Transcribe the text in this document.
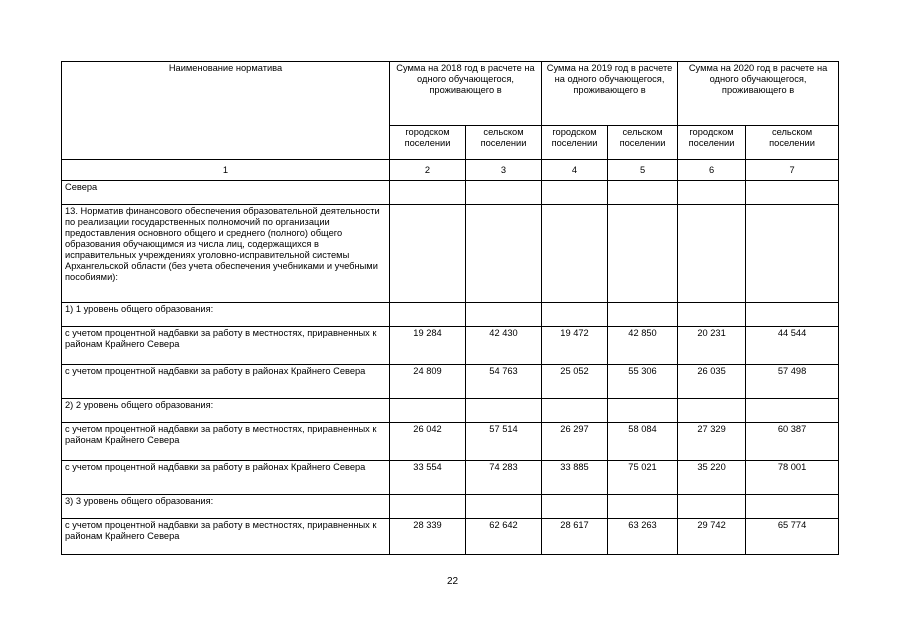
Наименование норматива	Сумма на 2018 год в расчете на одного обучающегося, проживающего в		Сумма на 2019 год в расчете на одного обучающегося, проживающего в		Сумма на 2020 год в расчете на одного обучающегося, проживающего в	
	городском поселении	сельском поселении	городском поселении	сельском поселении	городском поселении	сельском поселении
1	2	3	4	5	6	7
Севера						
13. Норматив финансового обеспечения образовательной деятельности по реализации государственных полномочий по организации предоставления основного общего и среднего (полного) общего образования обучающимся из числа лиц, содержащихся в исправительных учреждениях уголовно-исправительной системы Архангельской области (без учета обеспечения учебниками и учебными пособиями):						
1) 1 уровень общего образования:						
с учетом процентной надбавки за работу в местностях, приравненных к районам Крайнего Севера	19 284	42 430	19 472	42 850	20 231	44 544
с учетом процентной надбавки за работу в районах Крайнего Севера	24 809	54 763	25 052	55 306	26 035	57 498
2) 2 уровень общего образования:						
с учетом процентной надбавки за работу в местностях, приравненных к районам Крайнего Севера	26 042	57 514	26 297	58 084	27 329	60 387
с учетом процентной надбавки за работу в районах Крайнего Севера	33 554	74 283	33 885	75 021	35 220	78 001
3) 3 уровень общего образования:						
с учетом процентной надбавки за работу в местностях, приравненных к районам Крайнего Севера	28 339	62 642	28 617	63 263	29 742	65 774
22
